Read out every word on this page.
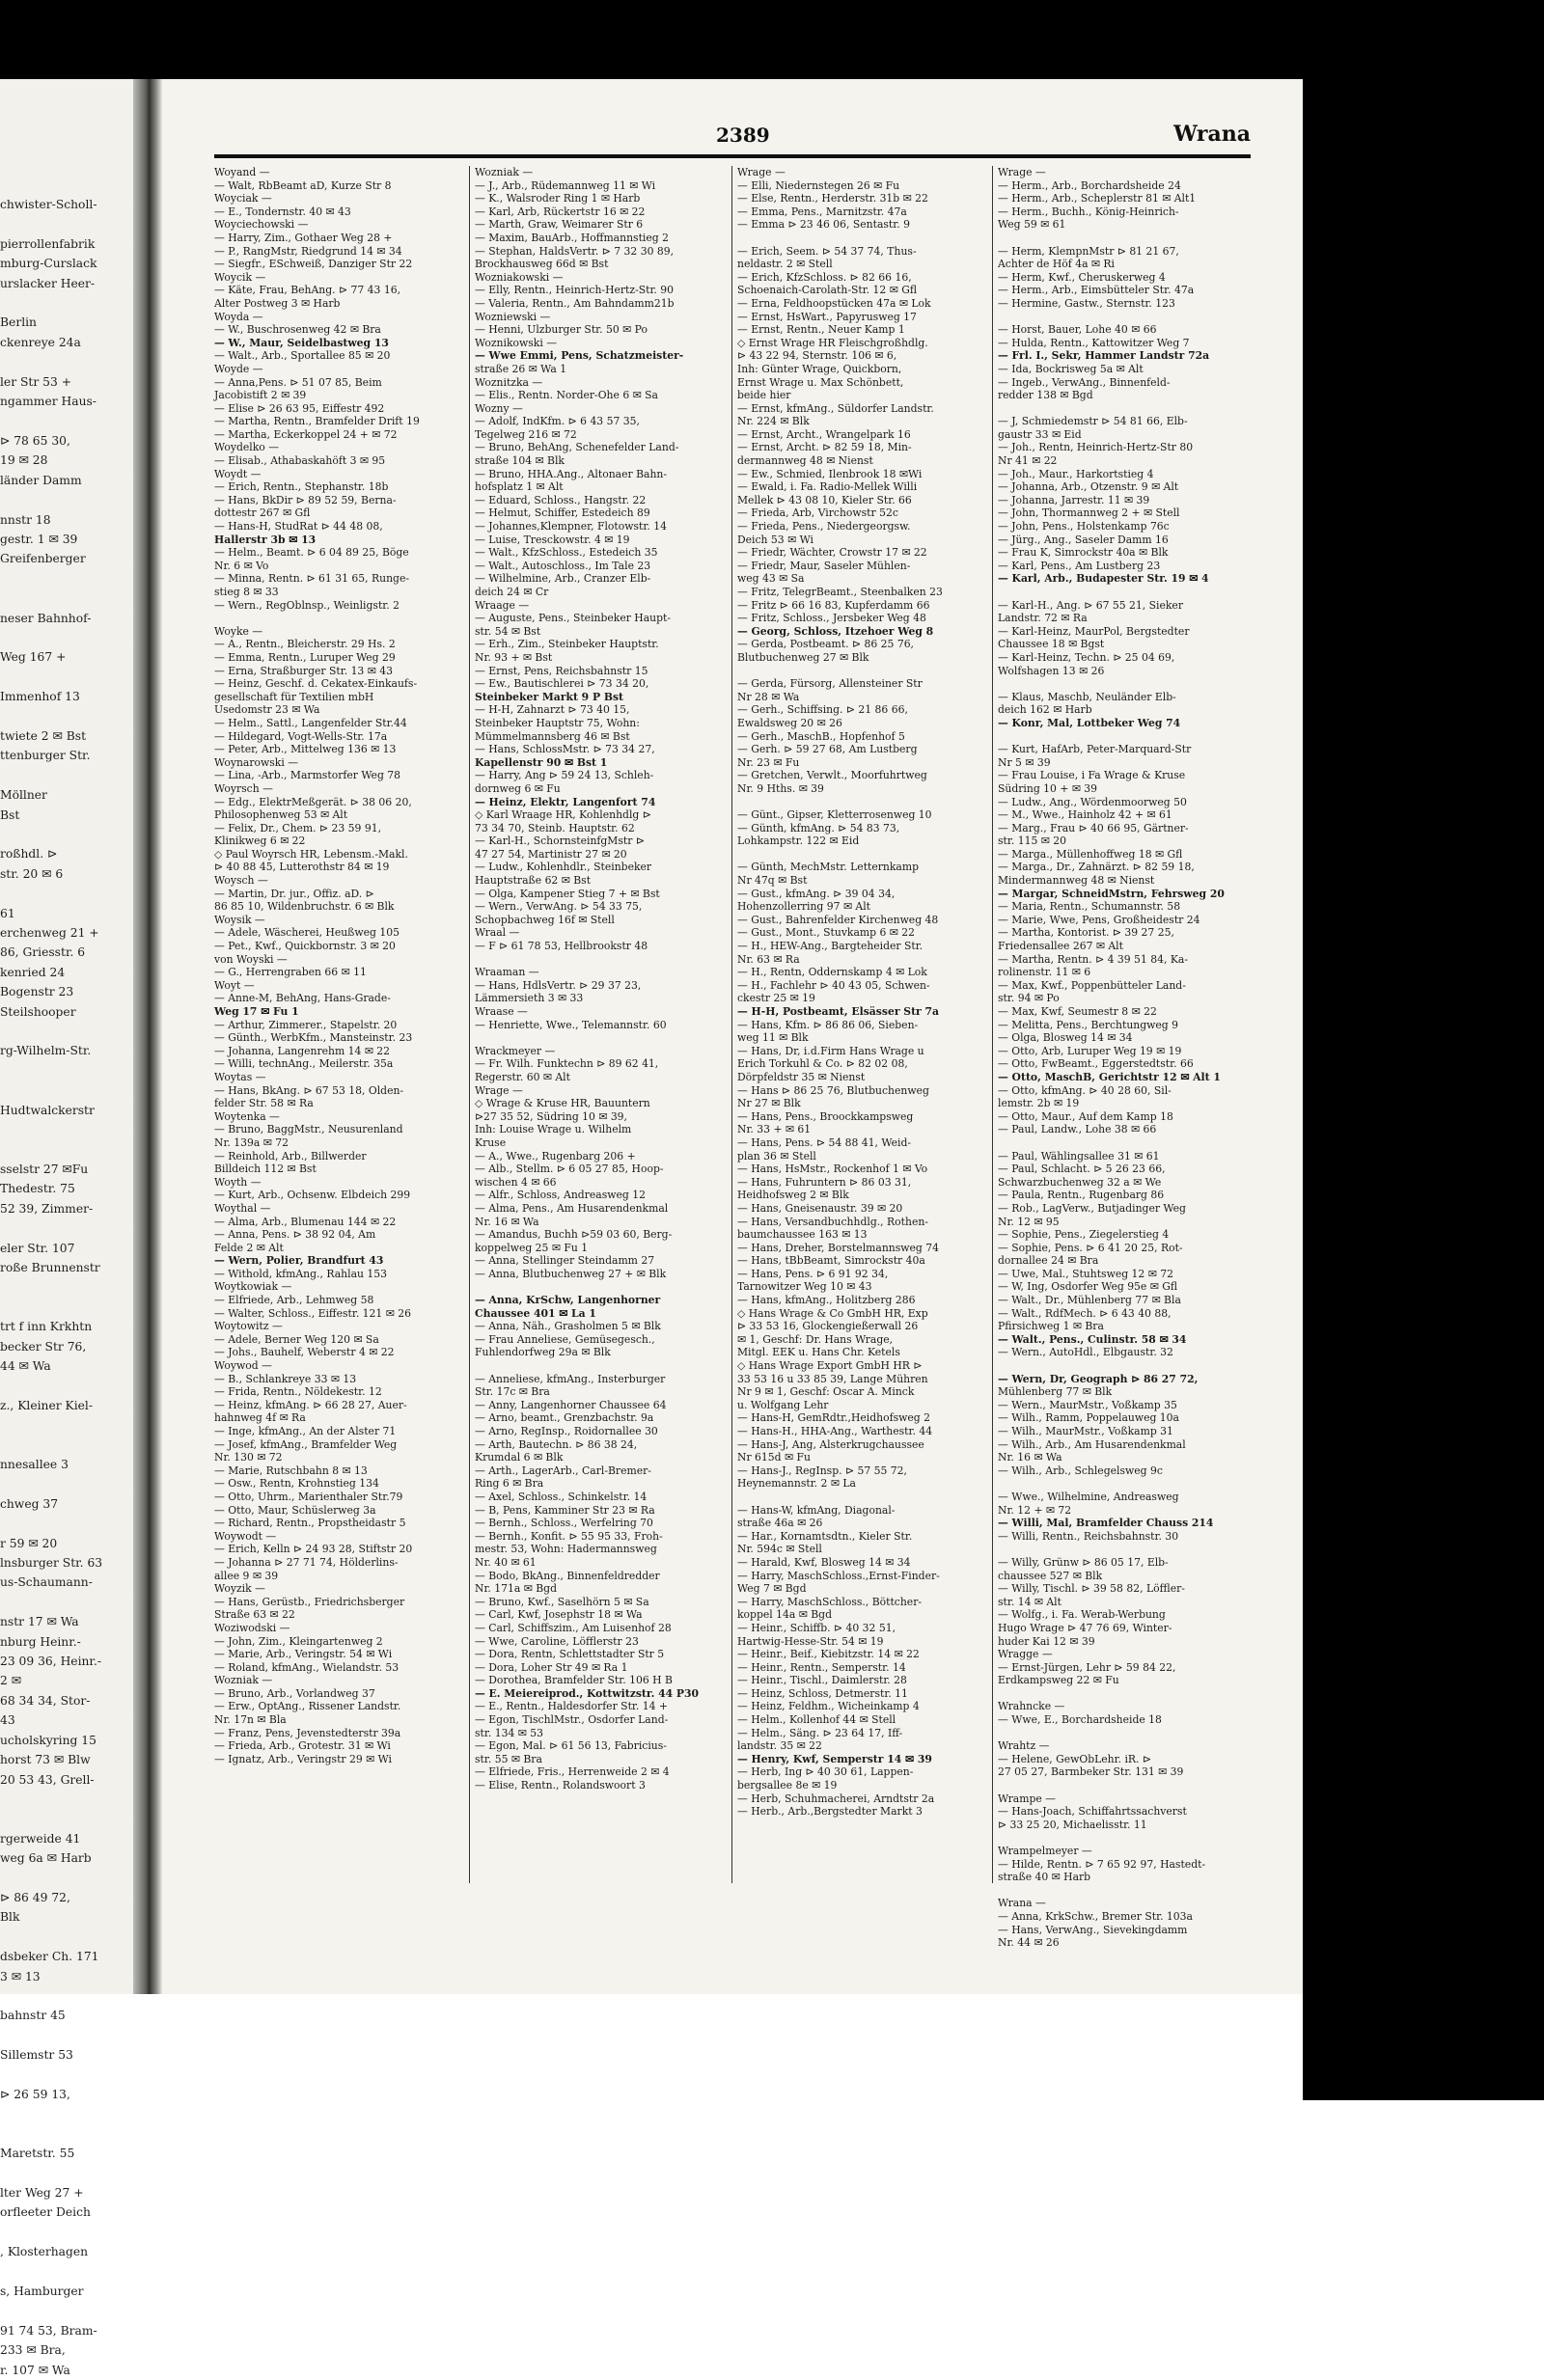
chwister-Scholl-

pierrollenfabrik
mburg-Curslack
urslacker Heer-

Berlin
ckenreye 24a

ler Str 53 +
ngammer Haus-

⊳ 78 65 30,
19 ✉ 28
länder Damm

nnstr 18
gestr. 1 ✉ 39
Greifenberger

neser Bahnhof-

Weg 167 +

Immenhof 13

twiete 2 ✉ Bst
ttenburger Str.

Möllner
Bst

roßhdl. ⊳
str. 20 ✉ 6

61
erchenweg 21 +
86, Griesstr. 6
kenried 24
Bogenstr 23
Steilshooper

rg-Wilhelm-Str.

Hudtwalckerstr

sselstr 27 ✉Fu
Thedestr. 75
52 39, Zimmer-

eler Str. 107
roße Brunnenstr

trt f inn Krkhtn
becker Str 76,
44 ✉ Wa

z., Kleiner Kiel-

nnesallee 3

chweg 37

r 59 ✉ 20
lnsburger Str. 63
us-Schaumann-

nstr 17 ✉ Wa
nburg Heinr.-
23 09 36, Heinr.-
2 ✉
68 34 34, Stor-
43
ucholskyring 15
horst 73 ✉ Blw
20 53 43, Grell-

rgerweide 41
weg 6a ✉ Harb

⊳ 86 49 72,
Blk

dsbeker Ch. 171
3 ✉ 13

bahnstr 45

Sillemstr 53

⊳ 26 59 13,

Maretstr. 55

lter Weg 27 +
orfleeter Deich

, Klosterhagen

s, Hamburger

91 74 53, Bram-
233 ✉ Bra,
r. 107 ✉ Wa
2389	Wrana
Woyand —
— Walt, RbBeamt aD, Kurze Str 8
Woyciak —
— E., Tondernstr. 40 ✉ 43
Woyciechowski —
— Harry, Zim., Gothaer Weg 28 +
— P., RangMstr, Riedgrund 14 ✉ 34
— Siegfr., ESchweiß, Danziger Str 22
Woycik —
— Käte, Frau, BehAng. ⊳ 77 43 16,
Alter Postweg 3 ✉ Harb
Woyda —
— W., Buschrosenweg 42 ✉ Bra
— W., Maur, Seidelbastweg 13
— Walt., Arb., Sportallee 85 ✉ 20
Woyde —
— Anna,Pens. ⊳ 51 07 85, Beim
Jacobistift 2 ✉ 39
— Elise ⊳ 26 63 95, Eiffestr 492
— Martha, Rentn., Bramfelder Drift 19
— Martha, Eckerkoppel 24 + ✉ 72
Woydelko —
— Elisab., Athabaskahöft 3 ✉ 95
Woydt —
— Erich, Rentn., Stephanstr. 18b
— Hans, BkDir ⊳ 89 52 59, Berna-
dottestr 267 ✉ Gfl
— Hans-H, StudRat ⊳ 44 48 08,
Hallerstr 3b ✉ 13
— Helm., Beamt. ⊳ 6 04 89 25, Böge
Nr. 6 ✉ Vo
— Minna, Rentn. ⊳ 61 31 65, Runge-
stieg 8 ✉ 33
— Wern., RegOblnsp., Weinligstr. 2

Woyke —
— A., Rentn., Bleicherstr. 29 Hs. 2
— Emma, Rentn., Luruper Weg 29
— Erna, Straßburger Str. 13 ✉ 43
— Heinz, Geschf. d. Cekatex-Einkaufs-
gesellschaft für Textilien mbH
Usedomstr 23 ✉ Wa
— Helm., Sattl., Langenfelder Str.44
— Hildegard, Vogt-Wells-Str. 17a
— Peter, Arb., Mittelweg 136 ✉ 13
Woynarowski —
— Lina, -Arb., Marmstorfer Weg 78
Woyrsch —
— Edg., ElektrMeßgerät. ⊳ 38 06 20,
Philosophenweg 53 ✉ Alt
— Felix, Dr., Chem. ⊳ 23 59 91,
Klinikweg 6 ✉ 22
◇ Paul Woyrsch HR, Lebensm.-Makl.
⊳ 40 88 45, Lutterothstr 84 ✉ 19
Woysch —
— Martin, Dr. jur., Offiz. aD. ⊳
86 85 10, Wildenbruchstr. 6 ✉ Blk
Woysik —
— Adele, Wäscherei, Heußweg 105
— Pet., Kwf., Quickbornstr. 3 ✉ 20
von Woyski —
— G., Herrengraben 66 ✉ 11
Woyt —
— Anne-M, BehAng, Hans-Grade-
Weg 17 ✉ Fu 1
— Arthur, Zimmerer., Stapelstr. 20
— Günth., WerbKfm., Mansteinstr. 23
— Johanna, Langenrehm 14 ✉ 22
— Willi, technAng., Meilerstr. 35a
Woytas —
— Hans, BkAng. ⊳ 67 53 18, Olden-
felder Str. 58 ✉ Ra
Woytenka —
— Bruno, BaggMstr., Neusurenland
Nr. 139a ✉ 72
— Reinhold, Arb., Billwerder
Billdeich 112 ✉ Bst
Woyth —
— Kurt, Arb., Ochsenw. Elbdeich 299
Woythal —
— Alma, Arb., Blumenau 144 ✉ 22
— Anna, Pens. ⊳ 38 92 04, Am
Felde 2 ✉ Alt
— Wern, Polier, Brandfurt 43
— Withold, kfmAng., Rahlau 153
Woytkowiak —
— Elfriede, Arb., Lehmweg 58
— Walter, Schloss., Eiffestr. 121 ✉ 26
Woytowitz —
— Adele, Berner Weg 120 ✉ Sa
— Johs., Bauhelf, Weberstr 4 ✉ 22
Woywod —
— B., Schlankreye 33 ✉ 13
— Frida, Rentn., Nöldekestr. 12
— Heinz, kfmAng. ⊳ 66 28 27, Auer-
hahnweg 4f ✉ Ra
— Inge, kfmAng., An der Alster 71
— Josef, kfmAng., Bramfelder Weg
Nr. 130 ✉ 72
— Marie, Rutschbahn 8 ✉ 13
— Osw., Rentn, Krohnstieg 134
— Otto, Uhrm., Marienthaler Str.79
— Otto, Maur, Schüslerweg 3a
— Richard, Rentn., Propstheidastr 5
Woywodt —
— Erich, Kelln ⊳ 24 93 28, Stiftstr 20
— Johanna ⊳ 27 71 74, Hölderlins-
allee 9 ✉ 39
Woyzik —
— Hans, Gerüstb., Friedrichsberger
Straße 63 ✉ 22
Woziwodski —
— John, Zim., Kleingartenweg 2
— Marie, Arb., Veringstr. 54 ✉ Wi
— Roland, kfmAng., Wielandstr. 53
Wozniak —
— Bruno, Arb., Vorlandweg 37
— Erw., OptAng., Rissener Landstr.
Nr. 17n ✉ Bla
— Franz, Pens, Jevenstedterstr 39a
— Frieda, Arb., Grotestr. 31 ✉ Wi
— Ignatz, Arb., Veringstr 29 ✉ Wi
Wozniak —
— J., Arb., Rüdemannweg 11 ✉ Wi
— K., Walsroder Ring 1 ✉ Harb
— Karl, Arb, Rückertstr 16 ✉ 22
— Marth, Graw, Weimarer Str 6
— Maxim, BauArb., Hoffmannstieg 2
— Stephan, HaldsVertr. ⊳ 7 32 30 89,
Brockhausweg 66d ✉ Bst
Wozniakowski —
— Elly, Rentn., Heinrich-Hertz-Str. 90
— Valeria, Rentn., Am Bahndamm21b
Wozniewski —
— Henni, Ulzburger Str. 50 ✉ Po
Woznikowski —
— Wwe Emmi, Pens, Schatzmeister-
straße 26 ✉ Wa 1
Woznitzka —
— Elis., Rentn. Norder-Ohe 6 ✉ Sa
Wozny —
— Adolf, IndKfm. ⊳ 6 43 57 35,
Tegelweg 216 ✉ 72
— Bruno, BehAng, Schenefelder Land-
straße 104 ✉ Blk
— Bruno, HHA.Ang., Altonaer Bahn-
hofsplatz 1 ✉ Alt
— Eduard, Schloss., Hangstr. 22
— Helmut, Schiffer, Estedeich 89
— Johannes,Klempner, Flotowstr. 14
— Luise, Tresckowstr. 4 ✉ 19
— Walt., KfzSchloss., Estedeich 35
— Walt., Autoschloss., Im Tale 23
— Wilhelmine, Arb., Cranzer Elb-
deich 24 ✉ Cr
Wraage —
— Auguste, Pens., Steinbeker Haupt-
str. 54 ✉ Bst
— Erh., Zim., Steinbeker Hauptstr.
Nr. 93 + ✉ Bst
— Ernst, Pens, Reichsbahnstr 15
— Ew., Bautischlerei ⊳ 73 34 20,
Steinbeker Markt 9 P Bst
— H-H, Zahnarzt ⊳ 73 40 15,
Steinbeker Hauptstr 75, Wohn:
Mümmelmannsberg 46 ✉ Bst
— Hans, SchlossMstr. ⊳ 73 34 27,
Kapellenstr 90 ✉ Bst 1
— Harry, Ang ⊳ 59 24 13, Schleh-
dornweg 6 ✉ Fu
— Heinz, Elektr, Langenfort 74
◇ Karl Wraage HR, Kohlenhdlg ⊳
73 34 70, Steinb. Hauptstr. 62
— Karl-H., SchornsteinfgMstr ⊳
47 27 54, Martinistr 27 ✉ 20
— Ludw., Kohlenhdlr., Steinbeker
Hauptstraße 62 ✉ Bst
— Olga, Kampener Stieg 7 + ✉ Bst
— Wern., VerwAng. ⊳ 54 33 75,
Schopbachweg 16f ✉ Stell
Wraal —
— F ⊳ 61 78 53, Hellbrookstr 48

Wraaman —
— Hans, HdlsVertr. ⊳ 29 37 23,
Lämmersieth 3 ✉ 33
Wraase —
— Henriette, Wwe., Telemannstr. 60

Wrackmeyer —
— Fr. Wilh. Funktechn ⊳ 89 62 41,
Regerstr. 60 ✉ Alt
Wrage —
◇ Wrage & Kruse HR, Bauuntern
⊳27 35 52, Südring 10 ✉ 39,
Inh: Louise Wrage u. Wilhelm
Kruse
— A., Wwe., Rugenbarg 206 +
— Alb., Stellm. ⊳ 6 05 27 85, Hoop-
wischen 4 ✉ 66
— Alfr., Schloss, Andreasweg 12
— Alma, Pens., Am Husarendenkmal
Nr. 16 ✉ Wa
— Amandus, Buchh ⊳59 03 60, Berg-
koppelweg 25 ✉ Fu 1
— Anna, Stellinger Steindamm 27
— Anna, Blutbuchenweg 27 + ✉ Blk

— Anna, KrSchw, Langenhorner
Chaussee 401 ✉ La 1
— Anna, Näh., Grasholmen 5 ✉ Blk
— Frau Anneliese, Gemüsegesch.,
Fuhlendorfweg 29a ✉ Blk

— Anneliese, kfmAng., Insterburger
Str. 17c ✉ Bra
— Anny, Langenhorner Chaussee 64
— Arno, beamt., Grenzbachstr. 9a
— Arno, RegInsp., Roidornallee 30
— Arth, Bautechn. ⊳ 86 38 24,
Krumdal 6 ✉ Blk
— Arth., LagerArb., Carl-Bremer-
Ring 6 ✉ Bra
— Axel, Schloss., Schinkelstr. 14
— B, Pens, Kamminer Str 23 ✉ Ra
— Bernh., Schloss., Werfelring 70
— Bernh., Konfit. ⊳ 55 95 33, Froh-
mestr. 53, Wohn: Hadermannsweg
Nr. 40 ✉ 61
— Bodo, BkAng., Binnenfeldredder
Nr. 171a ✉ Bgd
— Bruno, Kwf., Saselhörn 5 ✉ Sa
— Carl, Kwf, Josephstr 18 ✉ Wa
— Carl, Schiffszim., Am Luisenhof 28
— Wwe, Caroline, Löfflerstr 23
— Dora, Rentn, Schlettstadter Str 5
— Dora, Loher Str 49 ✉ Ra 1
— Dorothea, Bramfelder Str. 106 H B
— E. Meiereiprod., Kottwitzstr. 44 P30
— E., Rentn., Haldesdorfer Str. 14 +
— Egon, TischlMstr., Osdorfer Land-
str. 134 ✉ 53
— Egon, Mal. ⊳ 61 56 13, Fabricius-
str. 55 ✉ Bra
— Elfriede, Fris., Herrenweide 2 ✉ 4
— Elise, Rentn., Rolandswoort 3
Wrage —
— Elli, Niedernstegen 26 ✉ Fu
— Else, Rentn., Herderstr. 31b ✉ 22
— Emma, Pens., Marnitzstr. 47a
— Emma ⊳ 23 46 06, Sentastr. 9

— Erich, Seem. ⊳ 54 37 74, Thus-
neldastr. 2 ✉ Stell
— Erich, KfzSchloss. ⊳ 82 66 16,
Schoenaich-Carolath-Str. 12 ✉ Gfl
— Erna, Feldhoopstücken 47a ✉ Lok
— Ernst, HsWart., Papyrusweg 17
— Ernst, Rentn., Neuer Kamp 1
◇ Ernst Wrage HR Fleischgroßhdlg.
⊳ 43 22 94, Sternstr. 106 ✉ 6,
Inh: Günter Wrage, Quickborn,
Ernst Wrage u. Max Schönbett,
beide hier
— Ernst, kfmAng., Süldorfer Landstr.
Nr. 224 ✉ Blk
— Ernst, Archt., Wrangelpark 16
— Ernst, Archt. ⊳ 82 59 18, Min-
dermannweg 48 ✉ Nienst
— Ew., Schmied, Ilenbrook 18 ✉Wi
— Ewald, i. Fa. Radio-Mellek Willi
Mellek ⊳ 43 08 10, Kieler Str. 66
— Frieda, Arb, Virchowstr 52c
— Frieda, Pens., Niedergeorgsw.
Deich 53 ✉ Wi
— Friedr, Wächter, Crowstr 17 ✉ 22
— Friedr, Maur, Saseler Mühlen-
weg 43 ✉ Sa
— Fritz, TelegrBeamt., Steenbalken 23
— Fritz ⊳ 66 16 83, Kupferdamm 66
— Fritz, Schloss., Jersbeker Weg 48
— Georg, Schloss, Itzehoer Weg 8
— Gerda, Postbeamt. ⊳ 86 25 76,
Blutbuchenweg 27 ✉ Blk

— Gerda, Fürsorg, Allensteiner Str
Nr 28 ✉ Wa
— Gerh., Schiffsing. ⊳ 21 86 66,
Ewaldsweg 20 ✉ 26
— Gerh., MaschB., Hopfenhof 5
— Gerh. ⊳ 59 27 68, Am Lustberg
Nr. 23 ✉ Fu
— Gretchen, Verwlt., Moorfuhrtweg
Nr. 9 Hths. ✉ 39

— Günt., Gipser, Kletterrosenweg 10
— Günth, kfmAng. ⊳ 54 83 73,
Lohkampstr. 122 ✉ Eid

— Günth, MechMstr. Letternkamp
Nr 47q ✉ Bst
— Gust., kfmAng. ⊳ 39 04 34,
Hohenzollerring 97 ✉ Alt
— Gust., Bahrenfelder Kirchenweg 48
— Gust., Mont., Stuvkamp 6 ✉ 22
— H., HEW-Ang., Bargteheider Str.
Nr. 63 ✉ Ra
— H., Rentn, Oddernskamp 4 ✉ Lok
— H., Fachlehr ⊳ 40 43 05, Schwen-
ckestr 25 ✉ 19
— H-H, Postbeamt, Elsässer Str 7a
— Hans, Kfm. ⊳ 86 86 06, Sieben-
weg 11 ✉ Blk
— Hans, Dr, i.d.Firm Hans Wrage u
Erich Torkuhl & Co. ⊳ 82 02 08,
Dörpfeldstr 35 ✉ Nienst
— Hans ⊳ 86 25 76, Blutbuchenweg
Nr 27 ✉ Blk
— Hans, Pens., Broockkampsweg
Nr. 33 + ✉ 61
— Hans, Pens. ⊳ 54 88 41, Weid-
plan 36 ✉ Stell
— Hans, HsMstr., Rockenhof 1 ✉ Vo
— Hans, Fuhruntern ⊳ 86 03 31,
Heidhofsweg 2 ✉ Blk
— Hans, Gneisenaustr. 39 ✉ 20
— Hans, Versandbuchhdlg., Rothen-
baumchaussee 163 ✉ 13
— Hans, Dreher, Borstelmannsweg 74
— Hans, tBbBeamt, Simrockstr 40a
— Hans, Pens. ⊳ 6 91 92 34,
Tarnowitzer Weg 10 ✉ 43
— Hans, kfmAng., Holitzberg 286
◇ Hans Wrage & Co GmbH HR, Exp
⊳ 33 53 16, Glockengießerwall 26
✉ 1, Geschf: Dr. Hans Wrage,
Mitgl. EEK u. Hans Chr. Ketels
◇ Hans Wrage Export GmbH HR ⊳
33 53 16 u 33 85 39, Lange Mühren
Nr 9 ✉ 1, Geschf: Oscar A. Minck
u. Wolfgang Lehr
— Hans-H, GemRdtr.,Heidhofsweg 2
— Hans-H., HHA-Ang., Warthestr. 44
— Hans-J, Ang, Alsterkrugchaussee
Nr 615d ✉ Fu
— Hans-J., RegInsp. ⊳ 57 55 72,
Heynemannstr. 2 ✉ La

— Hans-W, kfmAng, Diagonal-
straße 46a ✉ 26
— Har., Kornamtsdtn., Kieler Str.
Nr. 594c ✉ Stell
— Harald, Kwf, Blosweg 14 ✉ 34
— Harry, MaschSchloss.,Ernst-Finder-
Weg 7 ✉ Bgd
— Harry, MaschSchloss., Böttcher-
koppel 14a ✉ Bgd
— Heinr., Schiffb. ⊳ 40 32 51,
Hartwig-Hesse-Str. 54 ✉ 19
— Heinr., Beif., Kiebitzstr. 14 ✉ 22
— Heinr., Rentn., Semperstr. 14
— Heinr., Tischl., Daimlerstr. 28
— Heinz, Schloss, Detmerstr. 11
— Heinz, Feldhm., Wicheinkamp 4
— Helm., Kollenhof 44 ✉ Stell
— Helm., Säng. ⊳ 23 64 17, Iff-
landstr. 35 ✉ 22
— Henry, Kwf, Semperstr 14 ✉ 39
— Herb, Ing ⊳ 40 30 61, Lappen-
bergsallee 8e ✉ 19
— Herb, Schuhmacherei, Arndtstr 2a
— Herb., Arb.,Bergstedter Markt 3
Wrage —
— Herm., Arb., Borchardsheide 24
— Herm., Arb., Scheplerstr 81 ✉ Alt1
— Herm., Buchh., König-Heinrich-
Weg 59 ✉ 61

— Herm, KlempnMstr ⊳ 81 21 67,
Achter de Höf 4a ✉ Ri
— Herm, Kwf., Cheruskerweg 4
— Herm., Arb., Eimsbütteler Str. 47a
— Hermine, Gastw., Sternstr. 123

— Horst, Bauer, Lohe 40 ✉ 66
— Hulda, Rentn., Kattowitzer Weg 7
— Frl. I., Sekr, Hammer Landstr 72a
— Ida, Bockrisweg 5a ✉ Alt
— Ingeb., VerwAng., Binnenfeld-
redder 138 ✉ Bgd

— J, Schmiedemstr ⊳ 54 81 66, Elb-
gaustr 33 ✉ Eid
— Joh., Rentn, Heinrich-Hertz-Str 80
Nr 41 ✉ 22
— Joh., Maur., Harkortstieg 4
— Johanna, Arb., Otzenstr. 9 ✉ Alt
— Johanna, Jarrestr. 11 ✉ 39
— John, Thormannweg 2 + ✉ Stell
— John, Pens., Holstenkamp 76c
— Jürg., Ang., Saseler Damm 16
— Frau K, Simrockstr 40a ✉ Blk
— Karl, Pens., Am Lustberg 23
— Karl, Arb., Budapester Str. 19 ✉ 4

— Karl-H., Ang. ⊳ 67 55 21, Sieker
Landstr. 72 ✉ Ra
— Karl-Heinz, MaurPol, Bergstedter
Chaussee 18 ✉ Bgst
— Karl-Heinz, Techn. ⊳ 25 04 69,
Wolfshagen 13 ✉ 26

— Klaus, Maschb, Neuländer Elb-
deich 162 ✉ Harb
— Konr, Mal, Lottbeker Weg 74

— Kurt, HafArb, Peter-Marquard-Str
Nr 5 ✉ 39
— Frau Louise, i Fa Wrage & Kruse
Südring 10 + ✉ 39
— Ludw., Ang., Wördenmoorweg 50
— M., Wwe., Hainholz 42 + ✉ 61
— Marg., Frau ⊳ 40 66 95, Gärtner-
str. 115 ✉ 20
— Marga., Müllenhoffweg 18 ✉ Gfl
— Marga., Dr., Zahnärzt. ⊳ 82 59 18,
Mindermannweg 48 ✉ Nienst
— Margar, SchneidMstrn, Fehrsweg 20
— Maria, Rentn., Schumannstr. 58
— Marie, Wwe, Pens, Großheidestr 24
— Martha, Kontorist. ⊳ 39 27 25,
Friedensallee 267 ✉ Alt
— Martha, Rentn. ⊳ 4 39 51 84, Ka-
rolinenstr. 11 ✉ 6
— Max, Kwf., Poppenbütteler Land-
str. 94 ✉ Po
— Max, Kwf, Seumestr 8 ✉ 22
— Melitta, Pens., Berchtungweg 9
— Olga, Blosweg 14 ✉ 34
— Otto, Arb, Luruper Weg 19 ✉ 19
— Otto, FwBeamt., Eggerstedtstr. 66
— Otto, MaschB, Gerichtstr 12 ✉ Alt 1
— Otto, kfmAng. ⊳ 40 28 60, Sil-
lemstr. 2b ✉ 19
— Otto, Maur., Auf dem Kamp 18
— Paul, Landw., Lohe 38 ✉ 66

— Paul, Wählingsallee 31 ✉ 61
— Paul, Schlacht. ⊳ 5 26 23 66,
Schwarzbuchenweg 32 a ✉ We
— Paula, Rentn., Rugenbarg 86
— Rob., LagVerw., Butjadinger Weg
Nr. 12 ✉ 95
— Sophie, Pens., Ziegelerstieg 4
— Sophie, Pens. ⊳ 6 41 20 25, Rot-
dornallee 24 ✉ Bra
— Uwe, Mal., Stuhtsweg 12 ✉ 72
— W, Ing, Osdorfer Weg 95e ✉ Gfl
— Walt., Dr., Mühlenberg 77 ✉ Bla
— Walt., RdfMech. ⊳ 6 43 40 88,
Pfirsichweg 1 ✉ Bra
— Walt., Pens., Culinstr. 58 ✉ 34
— Wern., AutoHdl., Elbgaustr. 32

— Wern, Dr, Geograph ⊳ 86 27 72,
Mühlenberg 77 ✉ Blk
— Wern., MaurMstr., Voßkamp 35
— Wilh., Ramm, Poppelauweg 10a
— Wilh., MaurMstr., Voßkamp 31
— Wilh., Arb., Am Husarendenkmal
Nr. 16 ✉ Wa
— Wilh., Arb., Schlegelsweg 9c

— Wwe., Wilhelmine, Andreasweg
Nr. 12 + ✉ 72
— Willi, Mal, Bramfelder Chauss 214
— Willi, Rentn., Reichsbahnstr. 30

— Willy, Grünw ⊳ 86 05 17, Elb-
chaussee 527 ✉ Blk
— Willy, Tischl. ⊳ 39 58 82, Löffler-
str. 14 ✉ Alt
— Wolfg., i. Fa. Werab-Werbung
Hugo Wrage ⊳ 47 76 69, Winter-
huder Kai 12 ✉ 39
Wragge —
— Ernst-Jürgen, Lehr ⊳ 59 84 22,
Erdkampsweg 22 ✉ Fu

Wrahncke —
— Wwe, E., Borchardsheide 18

Wrahtz —
— Helene, GewObLehr. iR. ⊳
27 05 27, Barmbeker Str. 131 ✉ 39

Wrampe —
— Hans-Joach, Schiffahrtssachverst
⊳ 33 25 20, Michaelisstr. 11

Wrampelmeyer —
— Hilde, Rentn. ⊳ 7 65 92 97, Hastedt-
straße 40 ✉ Harb

Wrana —
— Anna, KrkSchw., Bremer Str. 103a
— Hans, VerwAng., Sievekingdamm
Nr. 44 ✉ 26
